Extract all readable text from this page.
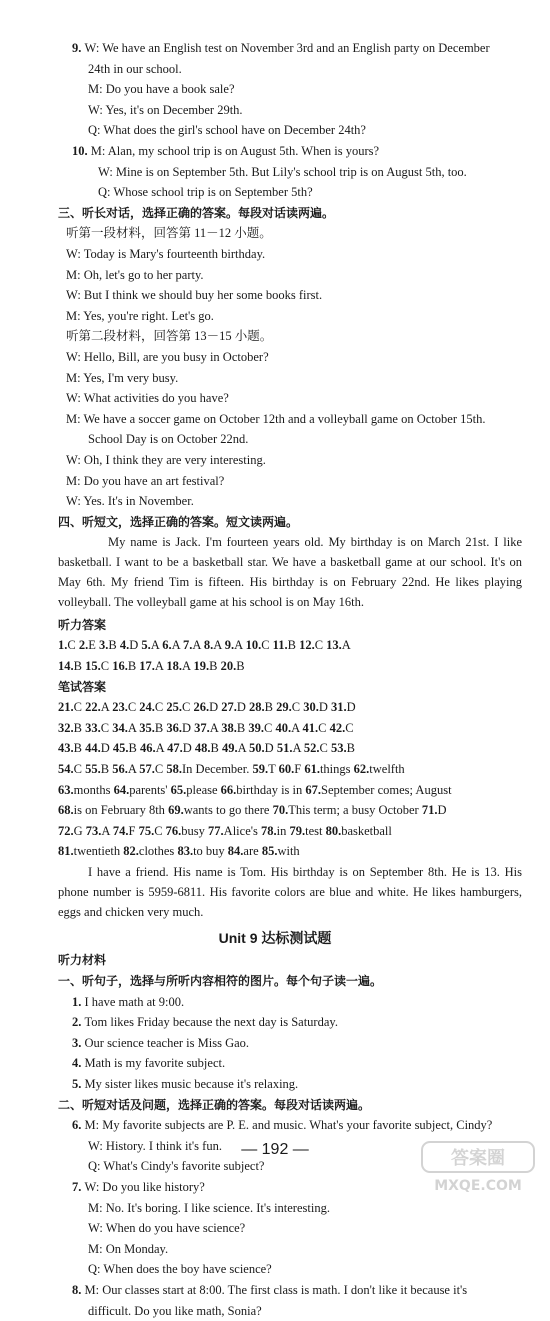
9. W: We have an English test on November 3rd and an English party on December
24th in our school.
M: Do you have a book sale?
W: Yes, it's on December 29th.
Q: What does the girl's school have on December 24th?
10. M: Alan, my school trip is on August 5th. When is yours?
W: Mine is on September 5th. But Lily's school trip is on August 5th, too.
Q: Whose school trip is on September 5th?
三、听长对话，选择正确的答案。每段对话读两遍。
听第一段材料，回答第 11－12 小题。
W: Today is Mary's fourteenth birthday.
M: Oh, let's go to her party.
W: But I think we should buy her some books first.
M: Yes, you're right. Let's go.
听第二段材料，回答第 13－15 小题。
W: Hello, Bill, are you busy in October?
M: Yes, I'm very busy.
W: What activities do you have?
M: We have a soccer game on October 12th and a volleyball game on October 15th.
School Day is on October 22nd.
W: Oh, I think they are very interesting.
M: Do you have an art festival?
W: Yes. It's in November.
四、听短文，选择正确的答案。短文读两遍。
My name is Jack. I'm fourteen years old. My birthday is on March 21st. I like basketball. I want to be a basketball star. We have a basketball game at our school. It's on May 6th. My friend Tim is fifteen. His birthday is on February 22nd. He likes playing volleyball. The volleyball game at his school is on May 16th.
听力答案
1.C 2.E 3.B 4.D 5.A 6.A 7.A 8.A 9.A 10.C 11.B 12.C 13.A
14.B 15.C 16.B 17.A 18.A 19.B 20.B
笔试答案
21.C 22.A 23.C 24.C 25.C 26.D 27.D 28.B 29.C 30.D 31.D
32.B 33.C 34.A 35.B 36.D 37.A 38.B 39.C 40.A 41.C 42.C
43.B 44.D 45.B 46.A 47.D 48.B 49.A 50.D 51.A 52.C 53.B
54.C 55.B 56.A 57.C 58.In December. 59.T 60.F 61.things 62.twelfth
63.months 64.parents' 65.please 66.birthday is in 67.September comes; August
68.is on February 8th 69.wants to go there 70.This term; a busy October 71.D
72.G 73.A 74.F 75.C 76.busy 77.Alice's 78.in 79.test 80.basketball
81.twentieth 82.clothes 83.to buy 84.are 85.with
I have a friend. His name is Tom. His birthday is on September 8th. He is 13. His phone number is 5959-6811. His favorite colors are blue and white. He likes hamburgers, eggs and chicken very much.
Unit 9 达标测试题
听力材料
一、听句子，选择与所听内容相符的图片。每个句子读一遍。
1. I have math at 9:00.
2. Tom likes Friday because the next day is Saturday.
3. Our science teacher is Miss Gao.
4. Math is my favorite subject.
5. My sister likes music because it's relaxing.
二、听短对话及问题，选择正确的答案。每段对话读两遍。
6. M: My favorite subjects are P. E. and music. What's your favorite subject, Cindy?
W: History. I think it's fun.
Q: What's Cindy's favorite subject?
7. W: Do you like history?
M: No. It's boring. I like science. It's interesting.
W: When do you have science?
M: On Monday.
Q: When does the boy have science?
8. M: Our classes start at 8:00. The first class is math. I don't like it because it's
difficult. Do you like math, Sonia?
— 192 —	答案圈
MXQE.COM
